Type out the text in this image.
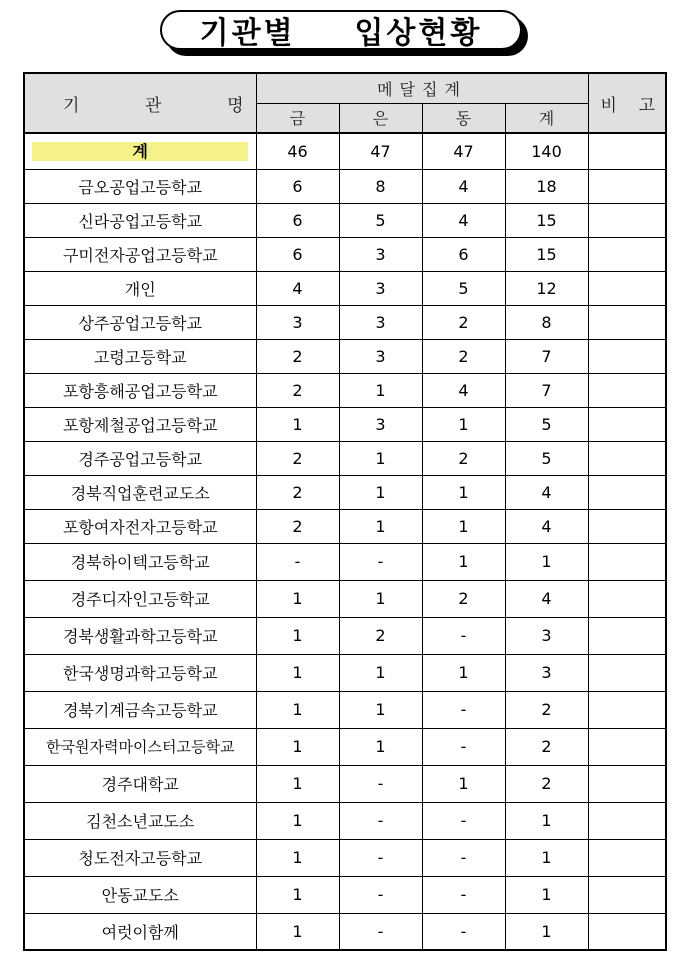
기관별  입상현황
기 관 명	메달집계				비 고

	금	은	동	계	
계	46	47	47	140	
금오공업고등학교	6	8	4	18	
신라공업고등학교	6	5	4	15	
구미전자공업고등학교	6	3	6	15	
개인	4	3	5	12	
상주공업고등학교	3	3	2	8	
고령고등학교	2	3	2	7	
포항흥해공업고등학교	2	1	4	7	
포항제철공업고등학교	1	3	1	5	
경주공업고등학교	2	1	2	5	
경북직업훈련교도소	2	1	1	4	
포항여자전자고등학교	2	1	1	4	
경북하이텍고등학교	-	-	1	1	
경주디자인고등학교	1	1	2	4	
경북생활과학고등학교	1	2	-	3	
한국생명과학고등학교	1	1	1	3	
경북기계금속고등학교	1	1	-	2	
한국원자력마이스터고등학교	1	1	-	2	
경주대학교	1	-	1	2	
김천소년교도소	1	-	-	1	
청도전자고등학교	1	-	-	1	
안동교도소	1	-	-	1	
여럿이함께	1	-	-	1	
